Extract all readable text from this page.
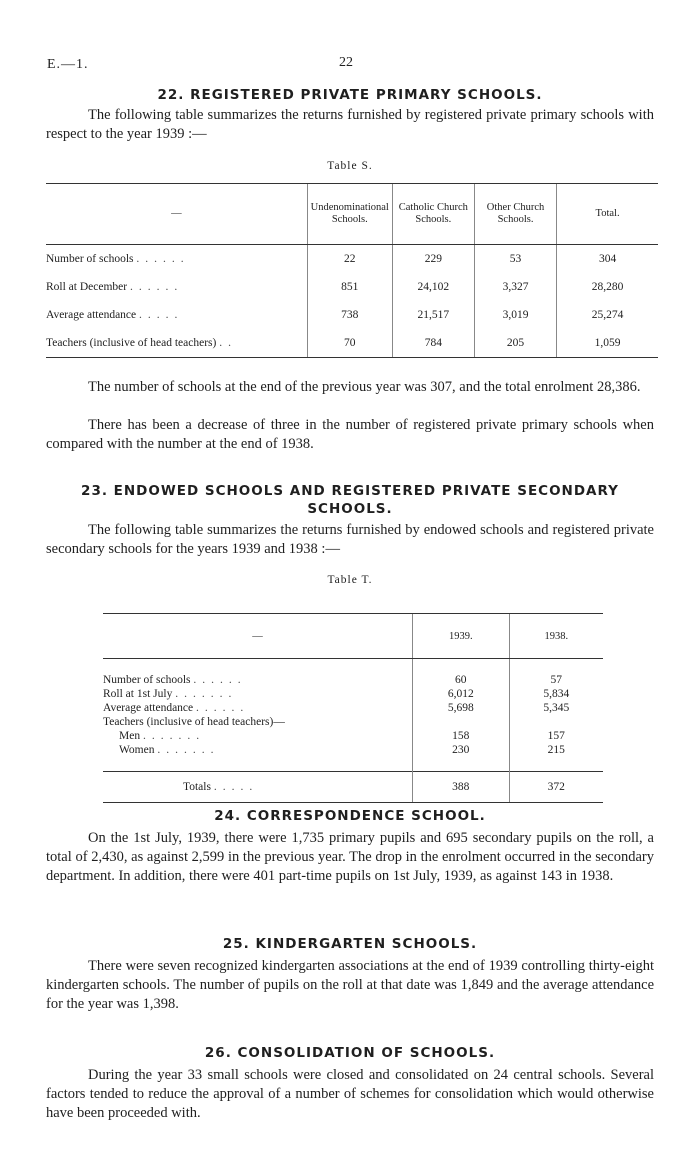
E.—1.	22
22. REGISTERED PRIVATE PRIMARY SCHOOLS.
The following table summarizes the returns furnished by registered private primary schools with respect to the year 1939 :—
Table S.
—	Undenominational Schools.	Catholic Church Schools.	Other Church Schools.	Total.
Number of schools ......	22	229	53	304
Roll at December ......	851	24,102	3,327	28,280
Average attendance .....	738	21,517	3,019	25,274
Teachers (inclusive of head teachers) ..	70	784	205	1,059
The number of schools at the end of the previous year was 307, and the total enrolment 28,386.
There has been a decrease of three in the number of registered private primary schools when compared with the number at the end of 1938.
23. ENDOWED SCHOOLS AND REGISTERED PRIVATE SECONDARY
SCHOOLS.
The following table summarizes the returns furnished by endowed schools and registered private secondary schools for the years 1939 and 1938 :—
Table T.
—	1939.	1938.

Number of schools ......	60	57
Roll at 1st July .......	6,012	5,834
Average attendance ......	5,698	5,345
Teachers (inclusive of head teachers)—		
Men .......	158	157
Women .......	230	215

Totals .....	388	372
24. CORRESPONDENCE SCHOOL.
On the 1st July, 1939, there were 1,735 primary pupils and 695 secondary pupils on the roll, a total of 2,430, as against 2,599 in the previous year. The drop in the enrolment occurred in the secondary department. In addition, there were 401 part-time pupils on 1st July, 1939, as against 143 in 1938.
25. KINDERGARTEN SCHOOLS.
There were seven recognized kindergarten associations at the end of 1939 controlling thirty-eight kindergarten schools. The number of pupils on the roll at that date was 1,849 and the average attendance for the year was 1,398.
26. CONSOLIDATION OF SCHOOLS.
During the year 33 small schools were closed and consolidated on 24 central schools. Several factors tended to reduce the approval of a number of schemes for consolidation which would otherwise have been proceeded with.
